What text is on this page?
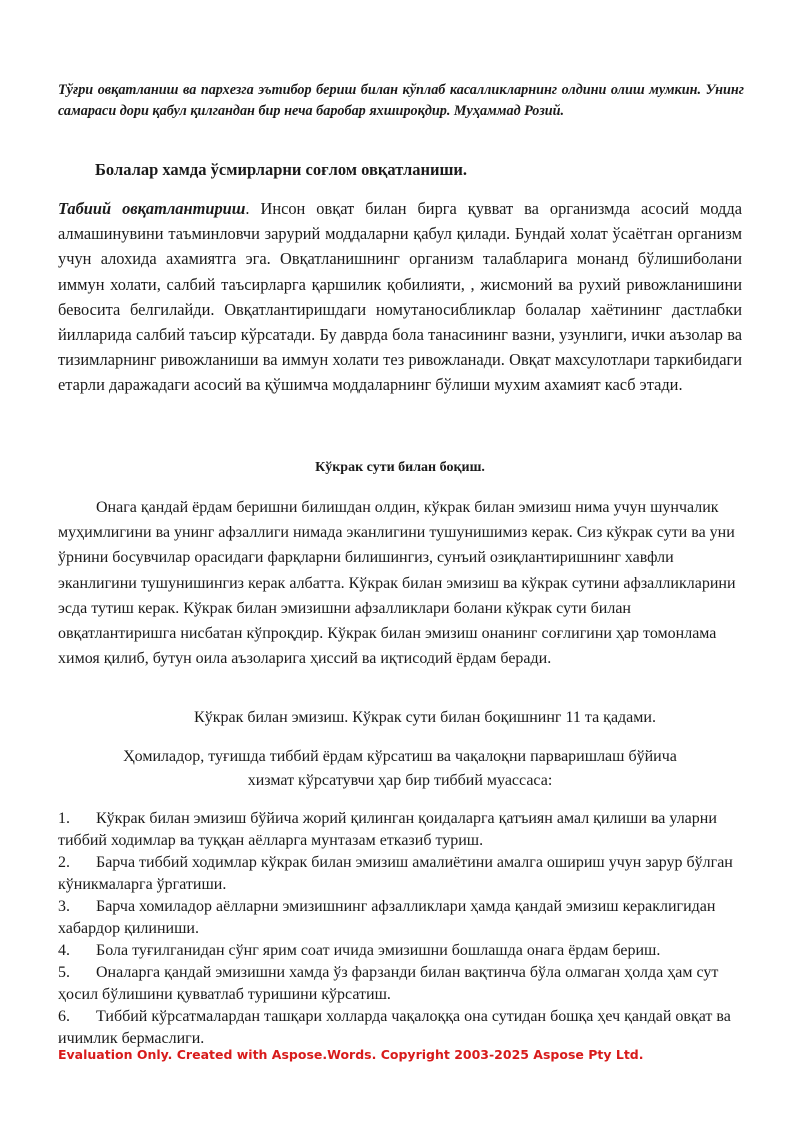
Тўғри овқатланиш ва пархезга эътибор бериш билан кўплаб касалликларнинг олдини олиш мумкин. Унинг самараси дори қабул қилгандан бир неча баробар яхшироқдир. Муҳаммад Розий.

Болалар хамда ўсмирларни соғлом овқатланиши.

Табиий овқатлантириш. Инсон овқат билан бирга қувват ва организмда асосий модда алмашинувини таъминловчи зарурий моддаларни қабул қилади. Бундай холат ўсаётган организм учун алохида ахамиятга эга. Овқатланишнинг организм талабларига монанд бўлишиболани иммун холати, салбий таъсирларга қаршилик қобилияти, , жисмоний ва рухий ривожланишини бевосита белгилайди. Овқатлантиришдаги номутаносибликлар болалар хаётининг дастлабки йилларида салбий таъсир кўрсатади. Бу даврда бола танасининг вазни, узунлиги, ички аъзолар ва тизимларнинг ривожланиши ва иммун холати тез ривожланади. Овқат махсулотлари таркибидаги етарли даражадаги асосий ва қўшимча моддаларнинг бўлиши мухим ахамият касб этади.

Кўкрак сути билан боқиш.

Онага қандай ёрдам беришни билишдан олдин, кўкрак билан эмизиш нима учун шунчалик муҳимлигини ва унинг афзаллиги нимада эканлигини тушунишимиз керак. Сиз кўкрак сути ва уни ўрнини босувчилар орасидаги фарқларни билишингиз, сунъий озиқлантиришнинг хавфли эканлигини тушунишингиз керак албатта. Кўкрак билан эмизиш ва кўкрак сутини афзалликларини эсда тутиш керак. Кўкрак билан эмизишни афзалликлари болани кўкрак сути билан овқатлантиришга нисбатан кўпроқдир. Кўкрак билан эмизиш онанинг соғлигини ҳар томонлама химоя қилиб, бутун оила аъзоларига ҳиссий ва иқтисодий ёрдам беради.

Кўкрак билан эмизиш. Кўкрак сути билан боқишнинг 11 та қадами.
Ҳомиладор, туғишда тиббий ёрдам кўрсатиш ва чақалоқни парваришлаш бўйича
хизмат кўрсатувчи ҳар бир тиббий муассаса:
1. Кўкрак билан эмизиш бўйича жорий қилинган қоидаларга қатъиян амал қилиши ва уларни тиббий ходимлар ва туққан аёлларга мунтазам етказиб туриш.
2. Барча тиббий ходимлар кўкрак билан эмизиш амалиётини амалга ошириш учун зарур бўлган кўникмаларга ўргатиши.
3. Барча хомиладор аёлларни эмизишнинг афзалликлари ҳамда қандай эмизиш кераклигидан хабардор қилиниши.
4. Бола туғилганидан сўнг ярим соат ичида эмизишни бошлашда онага ёрдам бериш.
5. Оналарга қандай эмизишни хамда ўз фарзанди билан вақтинча бўла олмаган ҳолда ҳам сут ҳосил бўлишини қувватлаб туришини кўрсатиш.
6. Тиббий кўрсатмалардан ташқари холларда чақалоққа она сутидан бошқа ҳеч қандай овқат ва ичимлик бермаслиги.
Evaluation Only. Created with Aspose.Words. Copyright 2003-2025 Aspose Pty Ltd.
